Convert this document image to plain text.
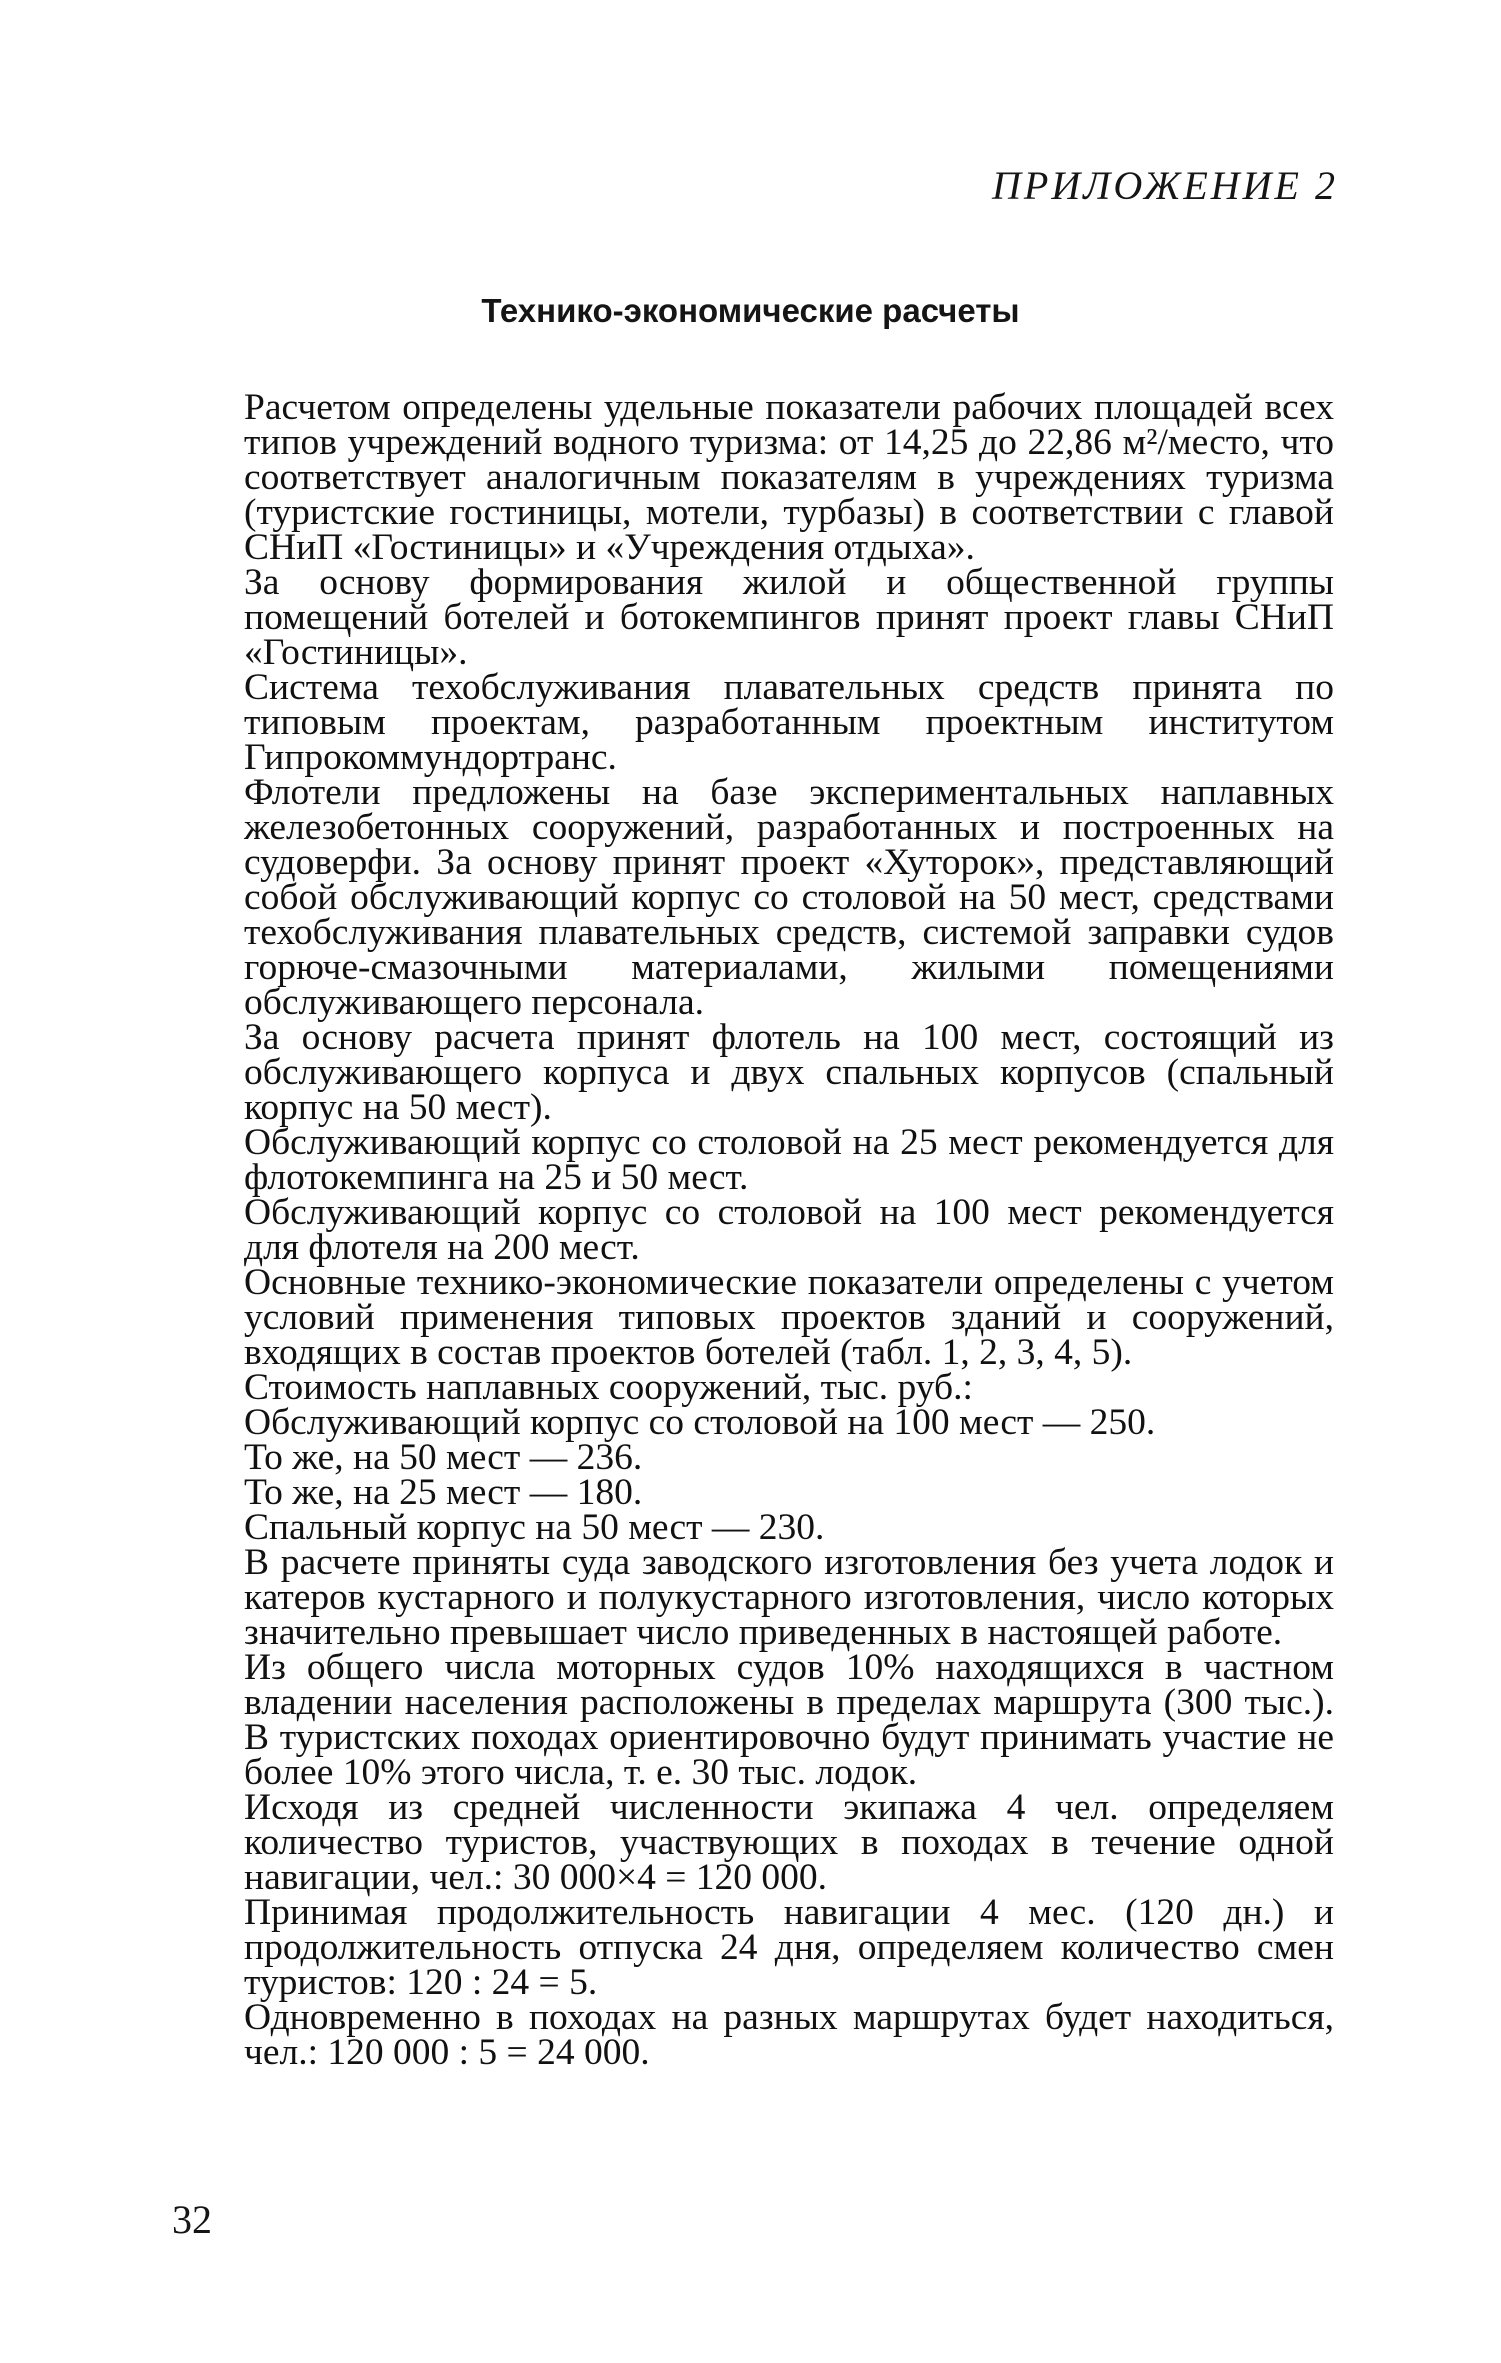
ПРИЛОЖЕНИЕ 2
Технико-экономические расчеты

Расчетом определены удельные показатели рабочих площадей всех типов учреждений водного туризма: от 14,25 до 22,86 м²/место, что соответствует аналогичным показателям в учреждениях туризма (туристские гостиницы, мотели, турбазы) в соответствии с главой СНиП «Гостиницы» и «Учреждения отдыха».

За основу формирования жилой и общественной группы помещений ботелей и ботокемпингов принят проект главы СНиП «Гостиницы».

Система техобслуживания плавательных средств принята по типовым проектам, разработанным проектным институтом Гипрокоммундортранс.

Флотели предложены на базе экспериментальных наплавных железобетонных сооружений, разработанных и построенных на судоверфи. За основу принят проект «Хуторок», представляющий собой обслуживающий корпус со столовой на 50 мест, средствами техобслуживания плавательных средств, системой заправки судов горюче-смазочными материалами, жилыми помещениями обслуживающего персонала.

За основу расчета принят флотель на 100 мест, состоящий из обслуживающего корпуса и двух спальных корпусов (спальный корпус на 50 мест).

Обслуживающий корпус со столовой на 25 мест рекомендуется для флотокемпинга на 25 и 50 мест.

Обслуживающий корпус со столовой на 100 мест рекомендуется для флотеля на 200 мест.

Основные технико-экономические показатели определены с учетом условий применения типовых проектов зданий и сооружений, входящих в состав проектов ботелей (табл. 1, 2, 3, 4, 5).

Стоимость наплавных сооружений, тыс. руб.:

Обслуживающий корпус со столовой на 100 мест — 250.

То же, на 50 мест — 236.

То же, на 25 мест — 180.

Спальный корпус на 50 мест — 230.

В расчете приняты суда заводского изготовления без учета лодок и катеров кустарного и полукустарного изготовления, число которых значительно превышает число приведенных в настоящей работе.

Из общего числа моторных судов 10% находящихся в частном владении населения расположены в пределах маршрута (300 тыс.). В туристских походах ориентировочно будут принимать участие не более 10% этого числа, т. е. 30 тыс. лодок.

Исходя из средней численности экипажа 4 чел. определяем количество туристов, участвующих в походах в течение одной навигации, чел.: 30 000×4 = 120 000.

Принимая продолжительность навигации 4 мес. (120 дн.) и продолжительность отпуска 24 дня, определяем количество смен туристов: 120 : 24 = 5.

Одновременно в походах на разных маршрутах будет находиться, чел.: 120 000 : 5 = 24 000.

32
